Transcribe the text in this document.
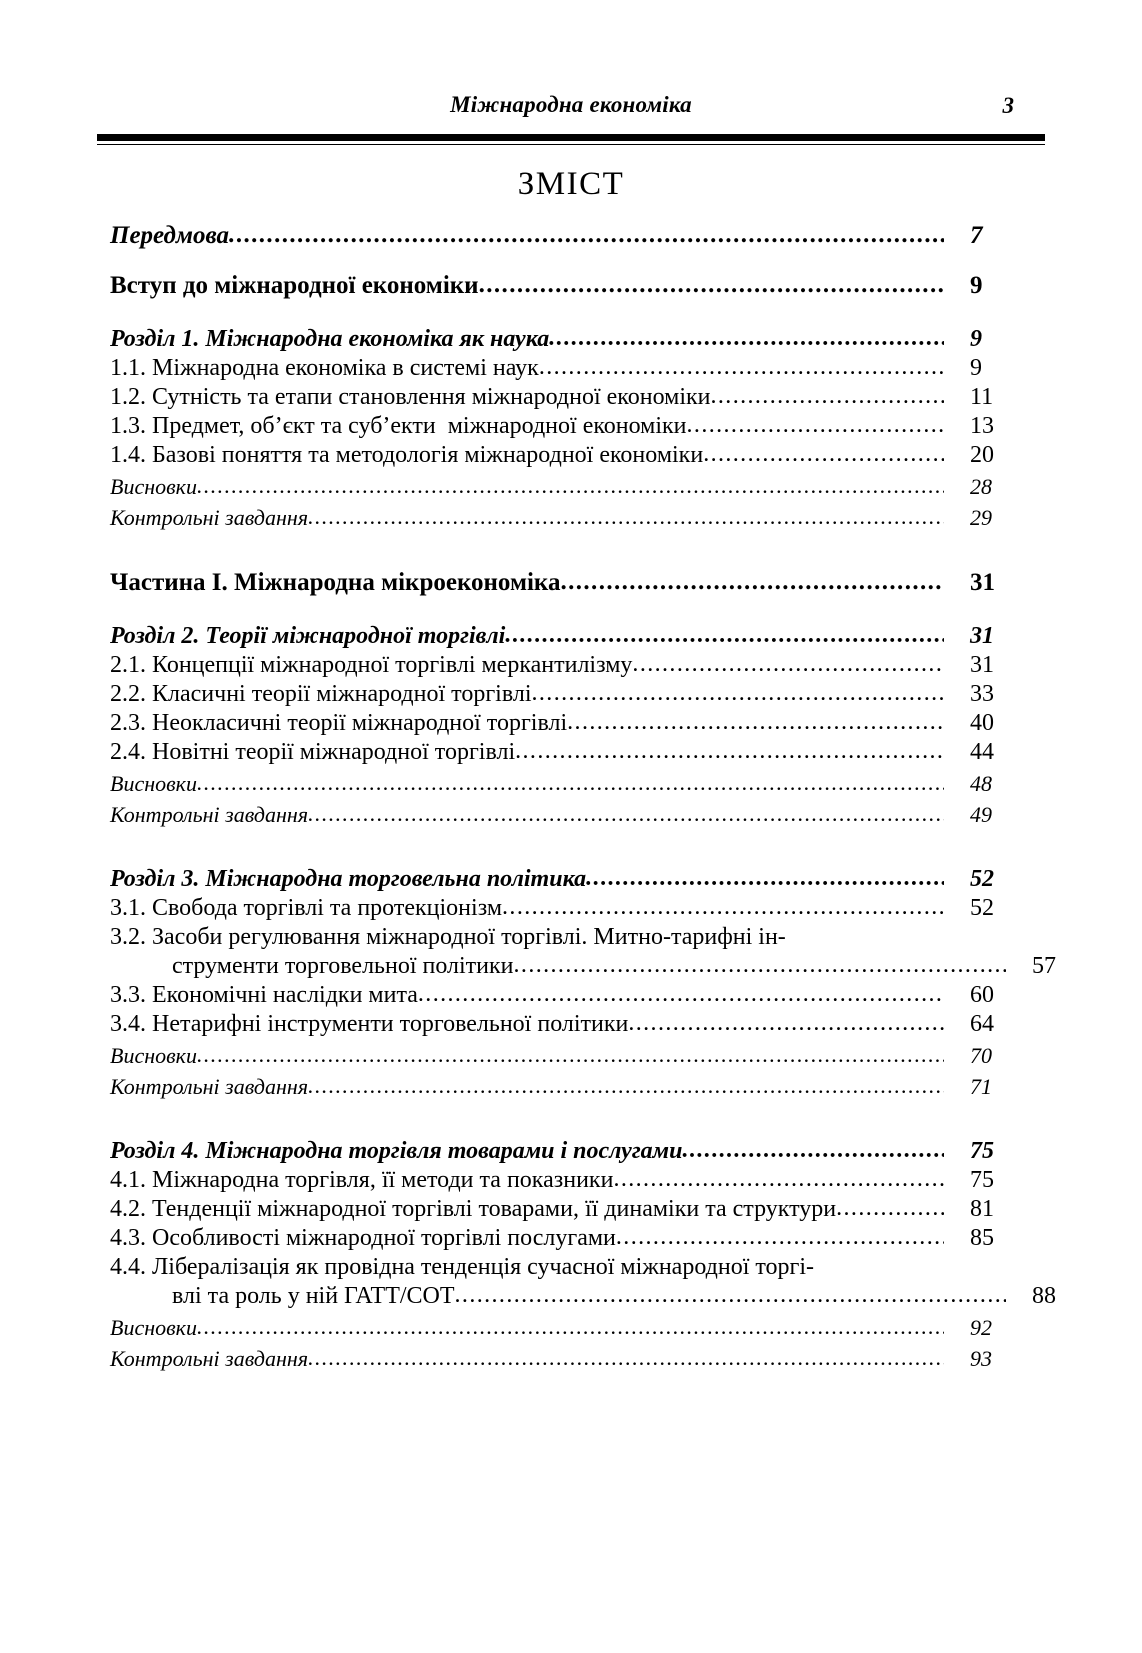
Міжнародна економіка	3
ЗМІСТ
Передмова .....	7
Вступ до міжнародної економіки .....	9
Розділ 1. Міжнародна економіка як наука .....	9
1.1. Міжнародна економіка в системі наук .....	9
1.2. Сутність та етапи становлення міжнародної економіки .....	11
1.3. Предмет, обʼєкт та субʼекти  міжнародної економіки .....	13
1.4. Базові поняття та методологія міжнародної економіки .....	20
Висновки .....	28
Контрольні завдання .....	29
Частина I. Міжнародна мікроекономіка .....	31
Розділ 2. Теорії міжнародної торгівлі .....	31
2.1. Концепції міжнародної торгівлі меркантилізму .....	31
2.2. Класичні теорії міжнародної торгівлі .....	33
2.3. Неокласичні теорії міжнародної торгівлі .....	40
2.4. Новітні теорії міжнародної торгівлі .....	44
Висновки .....	48
Контрольні завдання .....	49
Розділ 3. Міжнародна торговельна політика .....	52
3.1. Свобода торгівлі та протекціонізм .....	52
3.2. Засоби регулювання міжнародної торгівлі. Митно-тарифні ін-
струменти торговельної політики .....	57
3.3. Економічні наслідки мита .....	60
3.4. Нетарифні інструменти торговельної політики .....	64
Висновки .....	70
Контрольні завдання .....	71
Розділ 4. Міжнародна торгівля товарами і послугами .....	75
4.1. Міжнародна торгівля, її методи та показники .....	75
4.2. Тенденції міжнародної торгівлі товарами, її динаміки та структури .....	81
4.3. Особливості міжнародної торгівлі послугами .....	85
4.4. Лібералізація як провідна тенденція сучасної міжнародної торгі-
влі та роль у ній ГАТТ/СОТ .....	88
Висновки .....	92
Контрольні завдання .....	93
